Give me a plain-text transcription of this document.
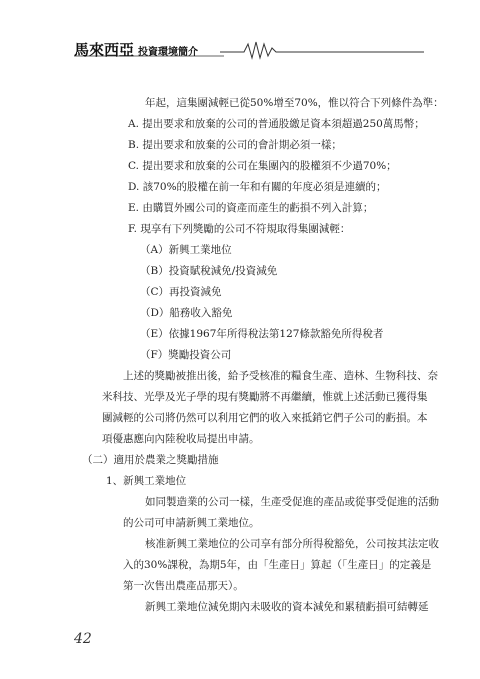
馬來西亞 投資環境簡介
年起，這集團減輕已從50%增至70%，惟以符合下列條件為準：
A. 提出要求和放棄的公司的普通股繳足資本須超過250萬馬幣；
B. 提出要求和放棄的公司的會計期必須一樣；
C. 提出要求和放棄的公司在集團內的股權須不少過70%；
D. 該70%的股權在前一年和有關的年度必須是連續的；
E. 由購買外國公司的資產而產生的虧損不列入計算；
F. 現享有下列獎勵的公司不符規取得集團減輕：
（A）新興工業地位
（B）投資賦稅減免/投資減免
（C）再投資減免
（D）船務收入豁免
（E）依據1967年所得稅法第127條款豁免所得稅者
（F）獎勵投資公司
上述的獎勵被推出後，給予受核准的糧食生產、造林、生物科技、奈
米科技、光學及光子學的現有獎勵將不再繼續，惟就上述活動已獲得集
團減輕的公司將仍然可以利用它們的收入來抵銷它們子公司的虧損。本
項優惠應向內陸稅收局提出申請。
（二）適用於農業之獎勵措施
1、新興工業地位
如同製造業的公司一樣，生產受促進的產品或從事受促進的活動
的公司可申請新興工業地位。
核准新興工業地位的公司享有部分所得稅豁免，公司按其法定收
入的30%課稅，為期5年，由「生產日」算起（「生產日」的定義是
第一次售出農產品那天）。
新興工業地位減免期內未吸收的資本減免和累積虧損可結轉延
42
